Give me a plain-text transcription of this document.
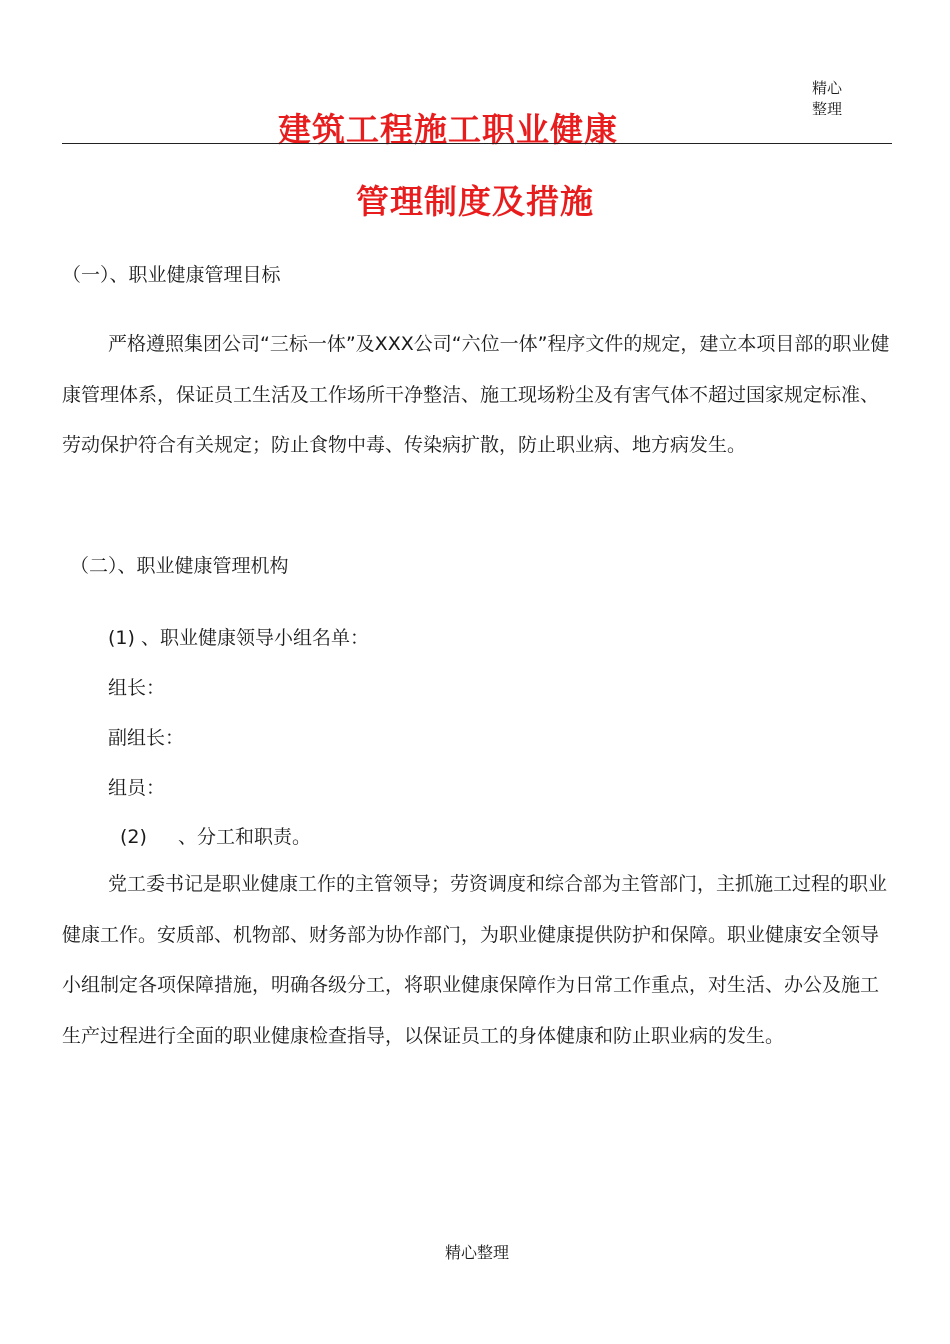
精心整理
建筑工程施工职业健康
管理制度及措施
（一）、职业健康管理目标
严格遵照集团公司“三标一体”及XXX公司“六位一体”程序文件的规定，建立本项目部的职业健康管理体系，保证员工生活及工作场所干净整洁、施工现场粉尘及有害气体不超过国家规定标准、劳动保护符合有关规定；防止食物中毒、传染病扩散，防止职业病、地方病发生。
（二）、职业健康管理机构
(1) 、职业健康领导小组名单：
组长：
副组长：
组员：
(2) 、分工和职责。
党工委书记是职业健康工作的主管领导；劳资调度和综合部为主管部门，主抓施工过程的职业健康工作。安质部、机物部、财务部为协作部门，为职业健康提供防护和保障。职业健康安全领导小组制定各项保障措施，明确各级分工，将职业健康保障作为日常工作重点，对生活、办公及施工生产过程进行全面的职业健康检查指导，以保证员工的身体健康和防止职业病的发生。
精心整理
